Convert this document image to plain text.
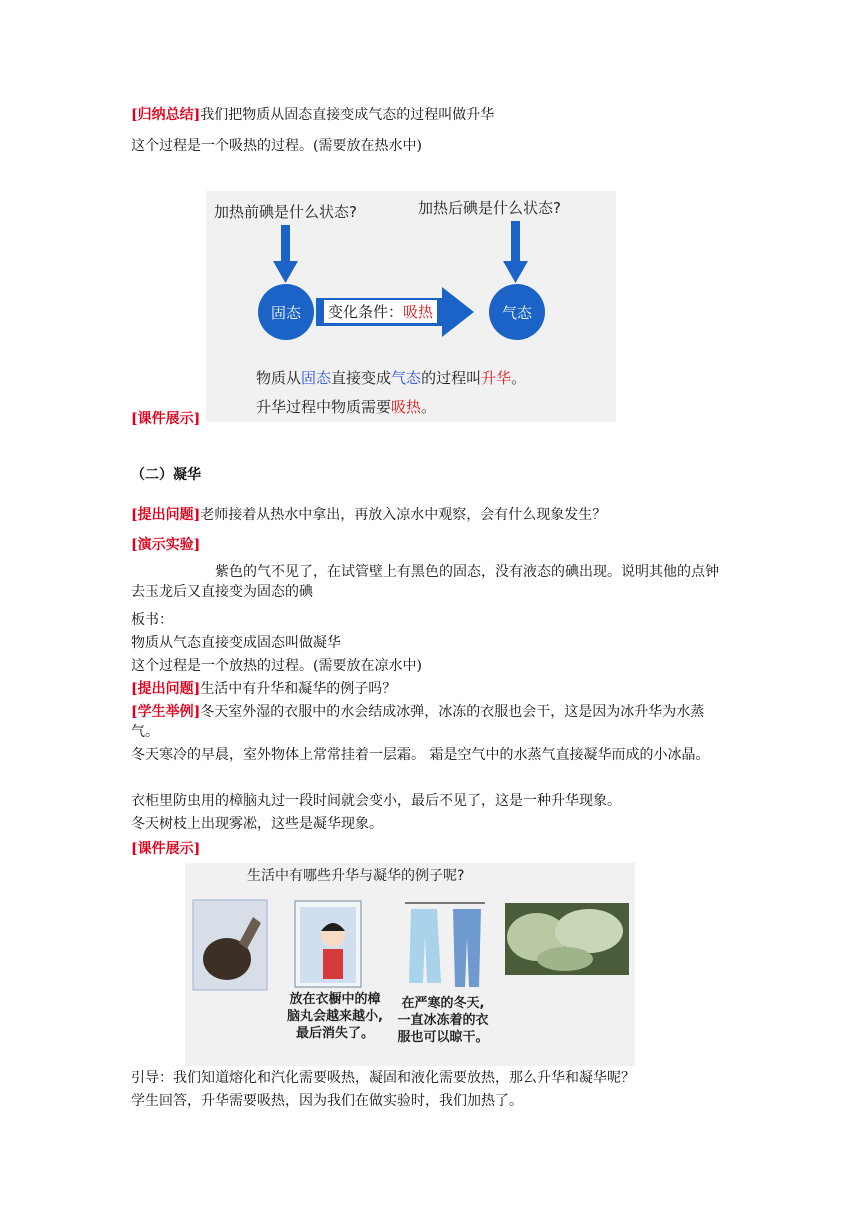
[归纳总结]我们把物质从固态直接变成气态的过程叫做升华
这个过程是一个吸热的过程。(需要放在热水中)
加热前碘是什么状态?	加热后碘是什么状态?
固态	气态
变化条件：吸热
物质从固态直接变成气态的过程叫升华。
升华过程中物质需要吸热。
[课件展示]
（二）凝华
[提出问题]老师接着从热水中拿出，再放入凉水中观察，会有什么现象发生？
[演示实验]
紫色的气不见了，在试管壁上有黑色的固态，没有液态的碘出现。说明其他的点钟去玉龙后又直接变为固态的碘
板书：
物质从气态直接变成固态叫做凝华
这个过程是一个放热的过程。(需要放在凉水中)
[提出问题]生活中有升华和凝华的例子吗？
[学生举例]冬天室外湿的衣服中的水会结成冰弹，冰冻的衣服也会干，这是因为冰升华为水蒸气。
冬天寒冷的早晨，室外物体上常常挂着一层霜。 霜是空气中的水蒸气直接凝华而成的小冰晶。
衣柜里防虫用的樟脑丸过一段时间就会变小，最后不见了，这是一种升华现象。
冬天树枝上出现雾凇，这些是凝华现象。
[课件展示]
生活中有哪些升华与凝华的例子呢?
放在衣橱中的樟
脑丸会越来越小,
最后消失了。
在严寒的冬天,
一直冰冻着的衣
服也可以晾干。
引导：我们知道熔化和汽化需要吸热，凝固和液化需要放热，那么升华和凝华呢？
学生回答，升华需要吸热，因为我们在做实验时，我们加热了。
